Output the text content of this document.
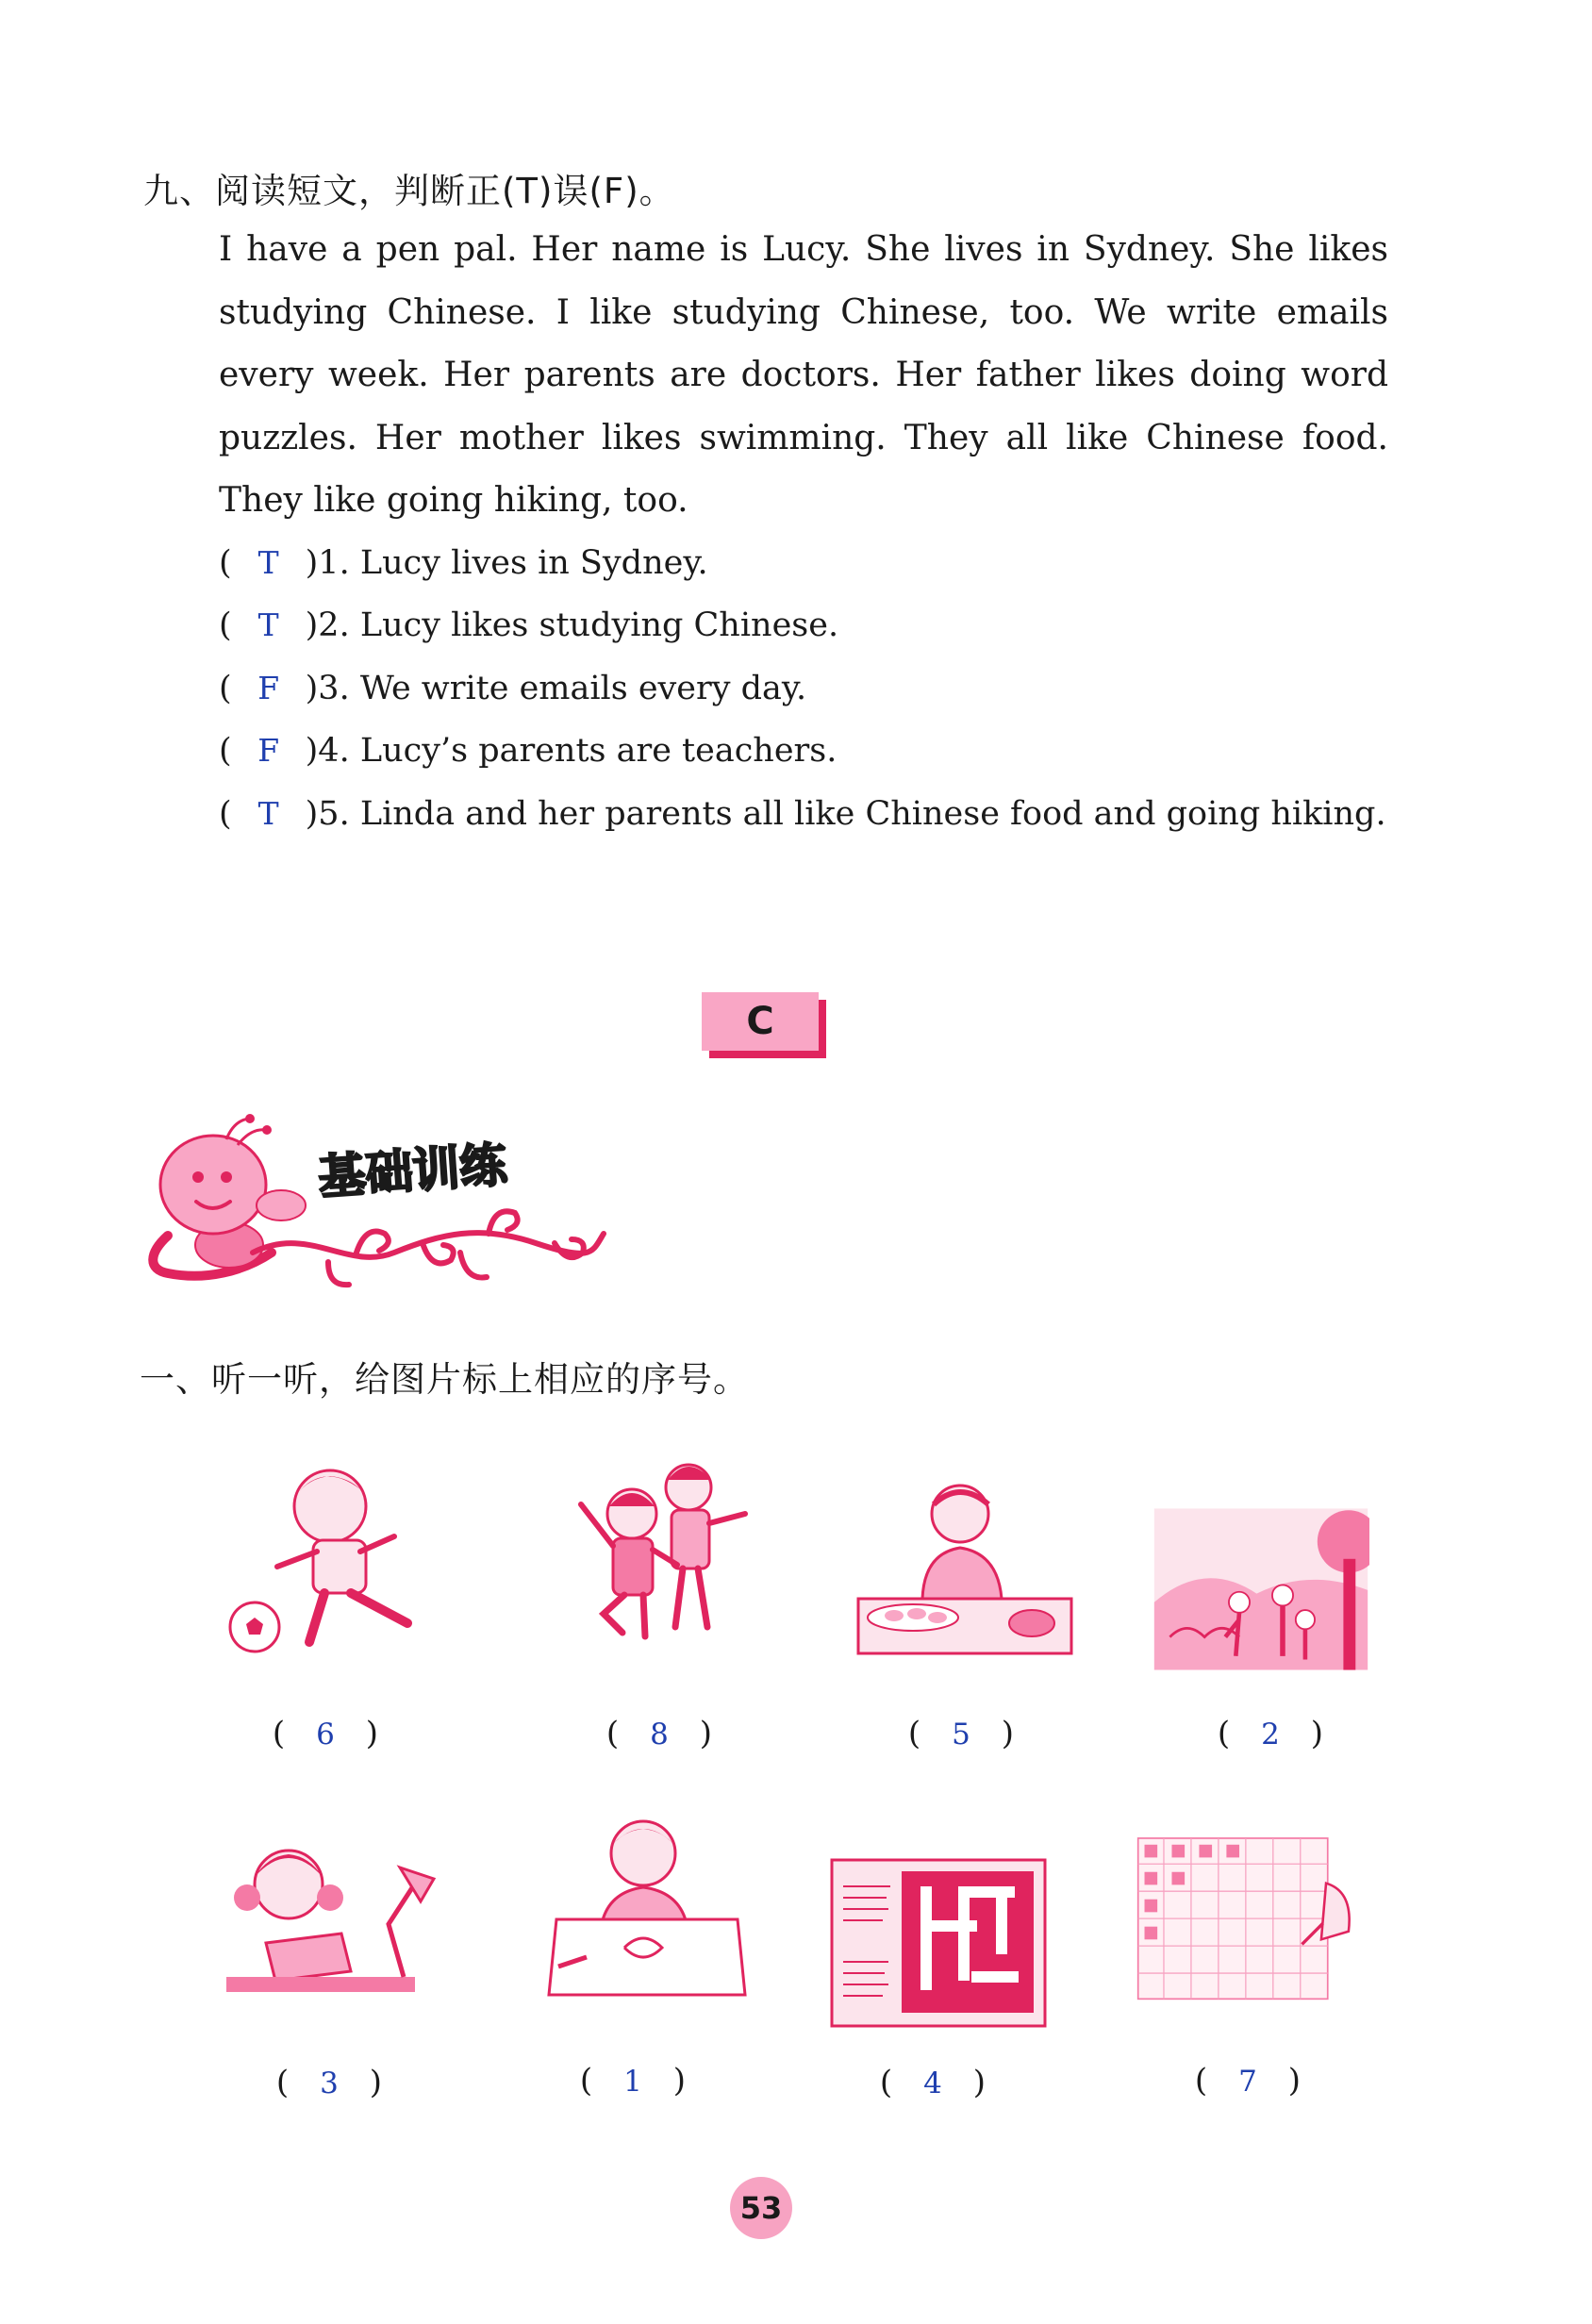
九、阅读短文，判断正(T)误(F)。
I have a pen pal. Her name is Lucy. She lives in Sydney. She likes studying Chinese. I like studying Chinese, too. We write emails every week. Her parents are doctors. Her father likes doing word puzzles. Her mother likes swimming. They all like Chinese food. They like going hiking, too.
( T )1. Lucy lives in Sydney.
( T )2. Lucy likes studying Chinese.
( F )3. We write emails every day.
( F )4. Lucy’s parents are teachers.
( T )5. Linda and her parents all like Chinese food and going hiking.
C
基础训练
一、听一听，给图片标上相应的序号。
( 6 )	( 8 )	( 5 )	( 2 )
( 3 )	( 1 )	( 4 )	( 7 )
53
